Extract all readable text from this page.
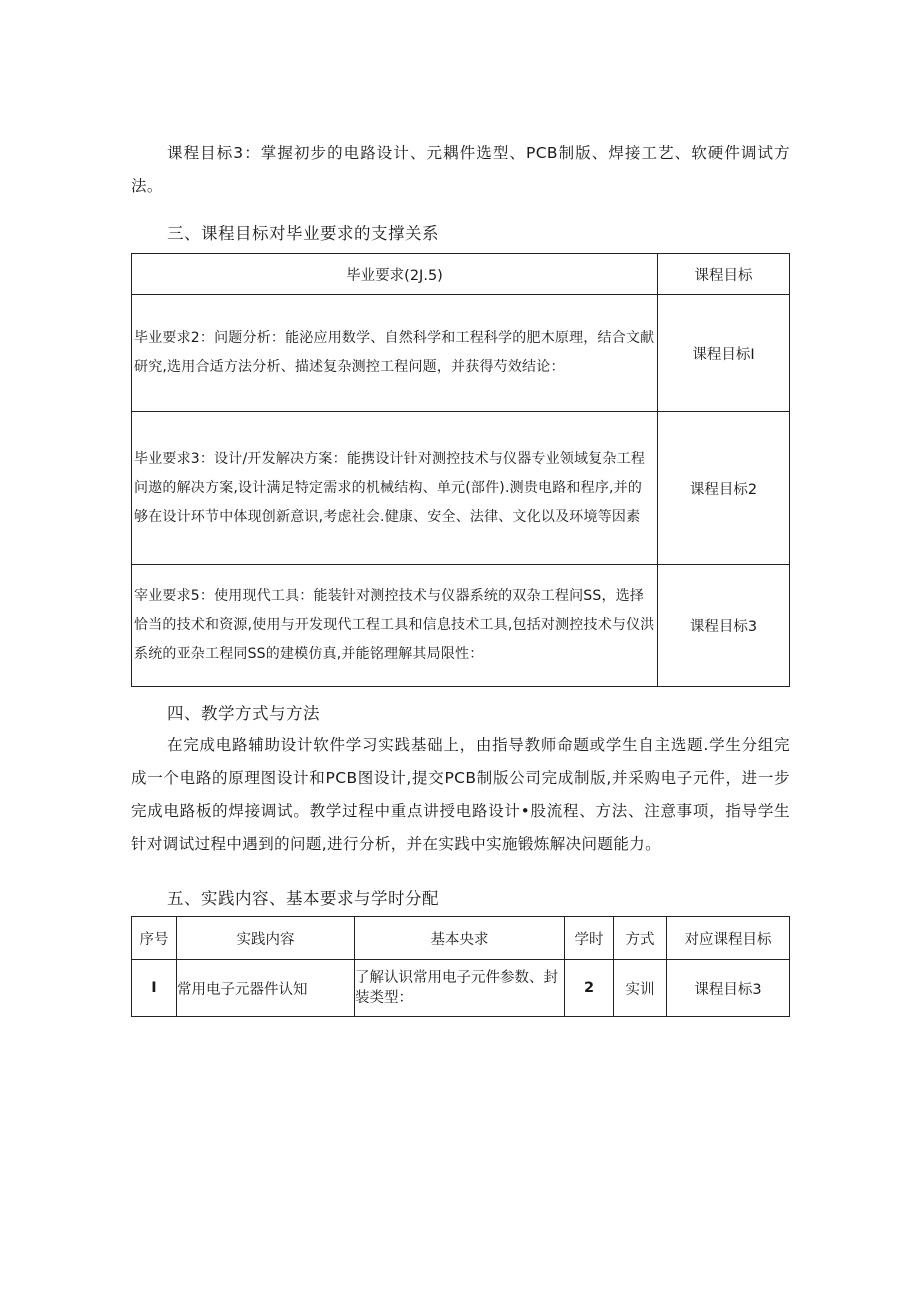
课程目标3：掌握初步的电路设计、元耦件选型、PCB制版、焊接工艺、软硬件调试方法。

三、课程目标对毕业要求的支撑关系
毕业要求(2J.5)	课程目标
毕业要求2：问题分析：能泌应用数学、自然科学和工程科学的肥木原理，结合文献研究,选用合适方法分析、描述复杂测控工程问题，并获得芍效结论：	课程目标Ⅰ
毕业要求3：设计/开发解决方案：能携设计针对测控技术与仪器专业领域复杂工程问遨的解决方案,设计满足特定需求的机械结构、单元(部件).测贵电路和程序,并的够在设计环节中体现创新意识,考虑社会.健康、安全、法律、文化以及环境等因素	课程目标2
宰业要求5：使用现代工具：能装针对测控技术与仪器系统的双杂工程问SS，选择恰当的技术和资源,使用与开发现代工程工具和信息技术工具,包括对测控技术与仪洪系统的亚杂工程同SS的建模仿真,并能铭理解其局限性：	课程目标3
四、教学方式与方法

在完成电路辅助设计软件学习实践基础上，由指导教师命题或学生自主选题.学生分组完成一个电路的原理图设计和PCB图设计,提交PCB制版公司完成制版,并采购电子元件，进一步完成电路板的焊接调试。教学过程中重点讲授电路设计•股流程、方法、注意事项，指导学生针对调试过程中遇到的问题,进行分析，并在实践中实施锻炼解决问题能力。

五、实践内容、基本要求与学时分配
序号	实践内容	基本央求	学时	方式	对应课程目标
I	常用电子元器件认知	了解认识常用电子元件参数、封装类型：	2	实训	课程目标3
